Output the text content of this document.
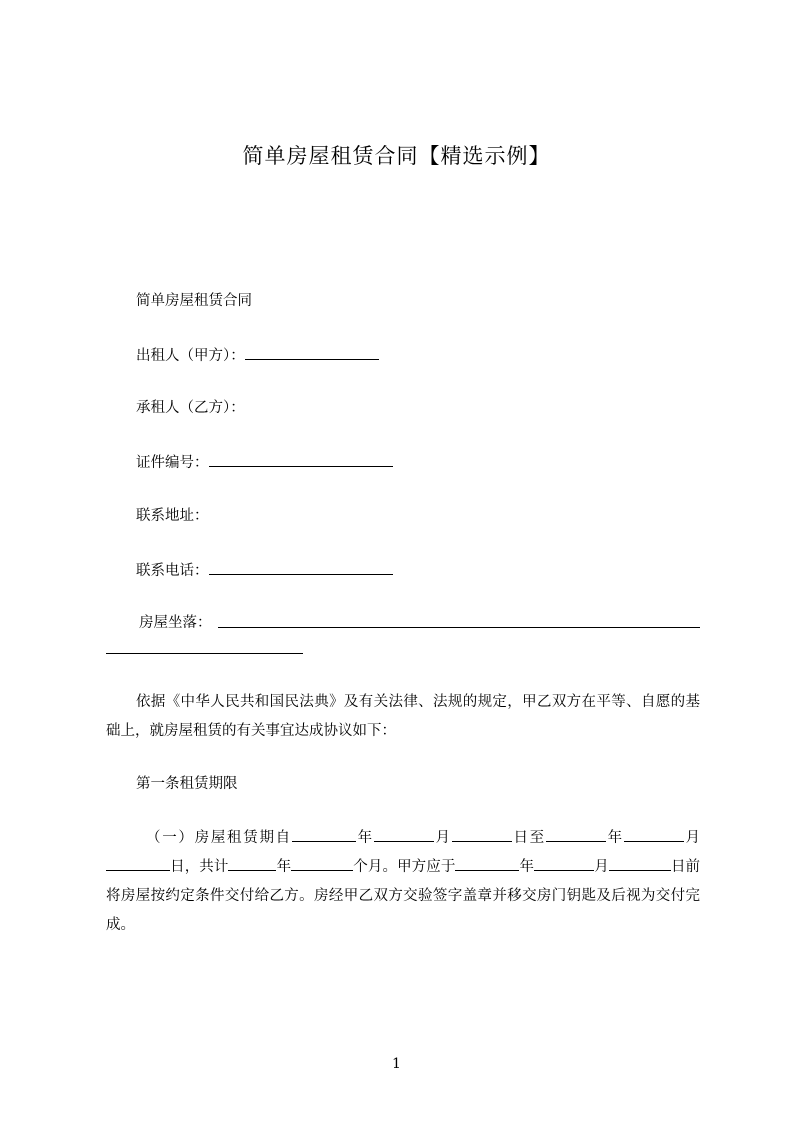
简单房屋租赁合同【精选示例】
简单房屋租赁合同
出租人（甲方）：
承租人（乙方）：
证件编号：
联系地址：
联系电话：
房屋坐落：
依据《中华人民共和国民法典》及有关法律、法规的规定，甲乙双方在平等、自愿的基础上，就房屋租赁的有关事宜达成协议如下：
第一条租赁期限
（一）房屋租赁期自	年	月	日至	年	月日，共计	年	个月。甲方应于	年	月	日前将房屋按约定条件交付给乙方。房经甲乙双方交验签字盖章并移交房门钥匙及后视为交付完成。
1
